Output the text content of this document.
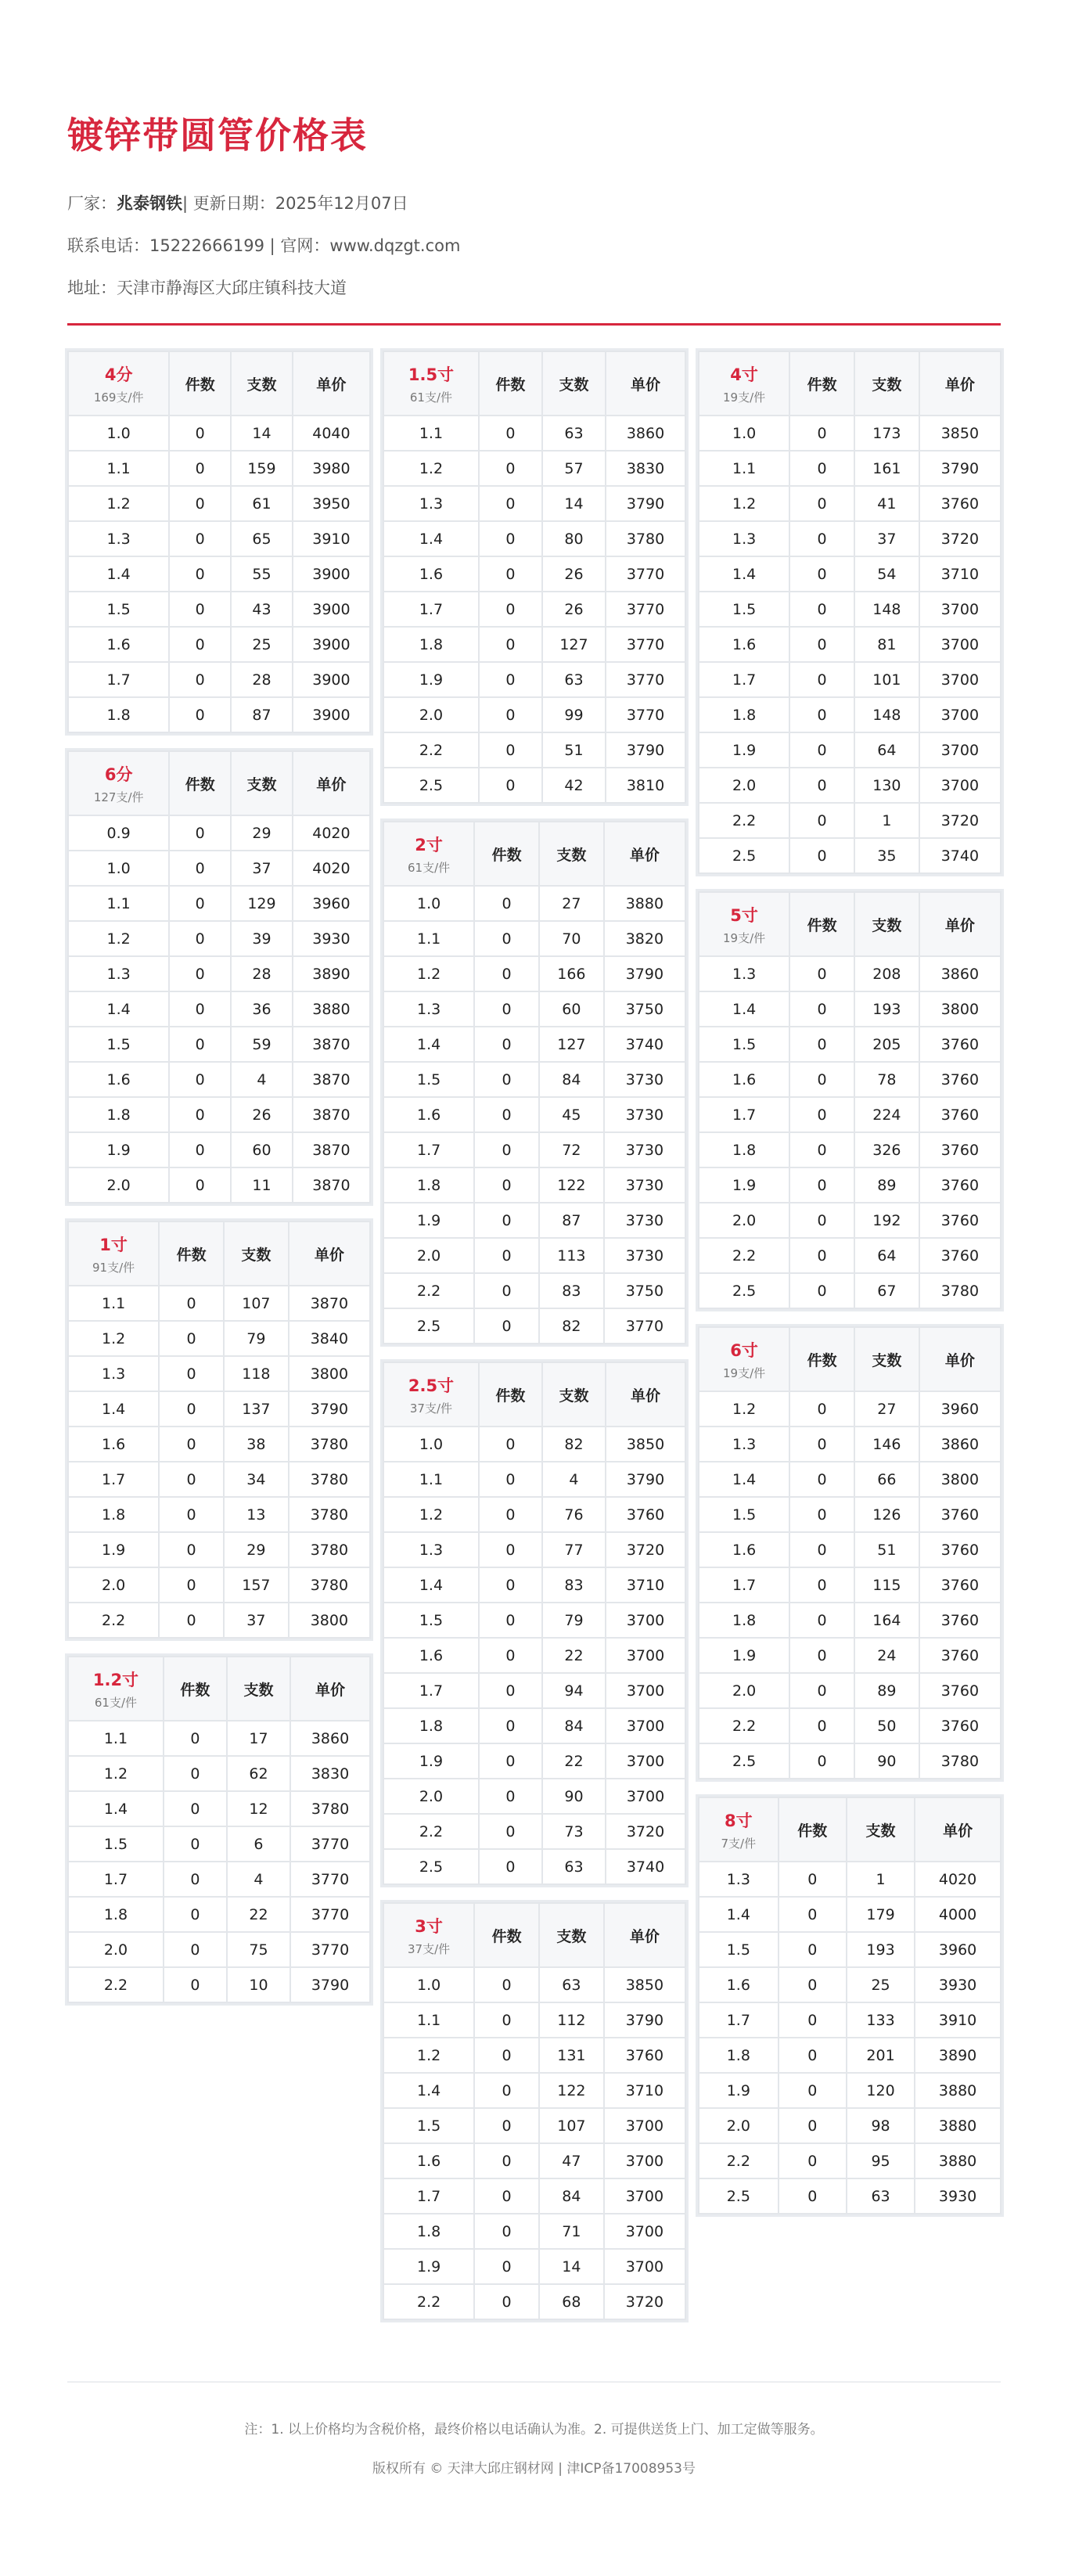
镀锌带圆管价格表
厂家：兆泰钢铁| 更新日期：2025年12月07日
联系电话：15222666199 | 官网：www.dqzgt.com
地址：天津市静海区大邱庄镇科技大道
4分
169支/件	件数	支数	单价
1.0	0	14	4040
1.1	0	159	3980
1.2	0	61	3950
1.3	0	65	3910
1.4	0	55	3900
1.5	0	43	3900
1.6	0	25	3900
1.7	0	28	3900
1.8	0	87	3900
6分
127支/件	件数	支数	单价
0.9	0	29	4020
1.0	0	37	4020
1.1	0	129	3960
1.2	0	39	3930
1.3	0	28	3890
1.4	0	36	3880
1.5	0	59	3870
1.6	0	4	3870
1.8	0	26	3870
1.9	0	60	3870
2.0	0	11	3870
1寸
91支/件	件数	支数	单价
1.1	0	107	3870
1.2	0	79	3840
1.3	0	118	3800
1.4	0	137	3790
1.6	0	38	3780
1.7	0	34	3780
1.8	0	13	3780
1.9	0	29	3780
2.0	0	157	3780
2.2	0	37	3800
1.2寸
61支/件	件数	支数	单价
1.1	0	17	3860
1.2	0	62	3830
1.4	0	12	3780
1.5	0	6	3770
1.7	0	4	3770
1.8	0	22	3770
2.0	0	75	3770
2.2	0	10	3790
1.5寸
61支/件	件数	支数	单价
1.1	0	63	3860
1.2	0	57	3830
1.3	0	14	3790
1.4	0	80	3780
1.6	0	26	3770
1.7	0	26	3770
1.8	0	127	3770
1.9	0	63	3770
2.0	0	99	3770
2.2	0	51	3790
2.5	0	42	3810
2寸
61支/件	件数	支数	单价
1.0	0	27	3880
1.1	0	70	3820
1.2	0	166	3790
1.3	0	60	3750
1.4	0	127	3740
1.5	0	84	3730
1.6	0	45	3730
1.7	0	72	3730
1.8	0	122	3730
1.9	0	87	3730
2.0	0	113	3730
2.2	0	83	3750
2.5	0	82	3770
2.5寸
37支/件	件数	支数	单价
1.0	0	82	3850
1.1	0	4	3790
1.2	0	76	3760
1.3	0	77	3720
1.4	0	83	3710
1.5	0	79	3700
1.6	0	22	3700
1.7	0	94	3700
1.8	0	84	3700
1.9	0	22	3700
2.0	0	90	3700
2.2	0	73	3720
2.5	0	63	3740
3寸
37支/件	件数	支数	单价
1.0	0	63	3850
1.1	0	112	3790
1.2	0	131	3760
1.4	0	122	3710
1.5	0	107	3700
1.6	0	47	3700
1.7	0	84	3700
1.8	0	71	3700
1.9	0	14	3700
2.2	0	68	3720
4寸
19支/件	件数	支数	单价
1.0	0	173	3850
1.1	0	161	3790
1.2	0	41	3760
1.3	0	37	3720
1.4	0	54	3710
1.5	0	148	3700
1.6	0	81	3700
1.7	0	101	3700
1.8	0	148	3700
1.9	0	64	3700
2.0	0	130	3700
2.2	0	1	3720
2.5	0	35	3740
5寸
19支/件	件数	支数	单价
1.3	0	208	3860
1.4	0	193	3800
1.5	0	205	3760
1.6	0	78	3760
1.7	0	224	3760
1.8	0	326	3760
1.9	0	89	3760
2.0	0	192	3760
2.2	0	64	3760
2.5	0	67	3780
6寸
19支/件	件数	支数	单价
1.2	0	27	3960
1.3	0	146	3860
1.4	0	66	3800
1.5	0	126	3760
1.6	0	51	3760
1.7	0	115	3760
1.8	0	164	3760
1.9	0	24	3760
2.0	0	89	3760
2.2	0	50	3760
2.5	0	90	3780
8寸
7支/件	件数	支数	单价
1.3	0	1	4020
1.4	0	179	4000
1.5	0	193	3960
1.6	0	25	3930
1.7	0	133	3910
1.8	0	201	3890
1.9	0	120	3880
2.0	0	98	3880
2.2	0	95	3880
2.5	0	63	3930
注：1. 以上价格均为含税价格，最终价格以电话确认为准。2. 可提供送货上门、加工定做等服务。
版权所有 © 天津大邱庄钢材网 | 津ICP备17008953号
